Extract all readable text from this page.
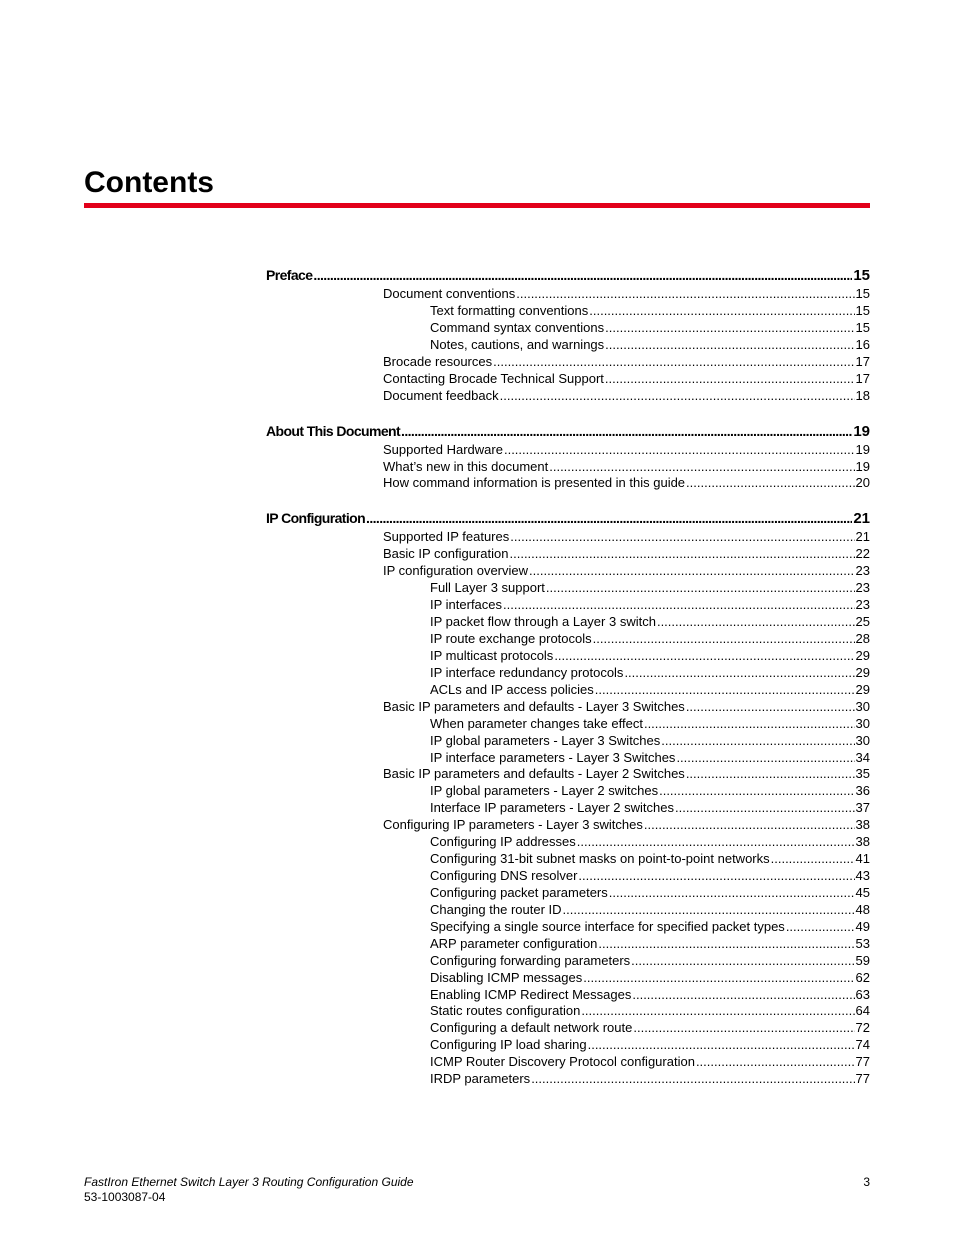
Contents
Preface .....	15
Document conventions .....	15
Text formatting conventions .....	15
Command syntax conventions .....	15
Notes, cautions, and warnings .....	16
Brocade resources .....	17
Contacting Brocade Technical Support .....	17
Document feedback .....	18
About This Document .....	19
Supported Hardware .....	19
What’s new in this document .....	19
How command information is presented in this guide .....	20
IP Configuration .....	21
Supported IP features .....	21
Basic IP configuration .....	22
IP configuration overview .....	23
Full Layer 3 support .....	23
IP interfaces .....	23
IP packet flow through a Layer 3 switch .....	25
IP route exchange protocols .....	28
IP multicast protocols .....	29
IP interface redundancy protocols .....	29
ACLs and IP access policies .....	29
Basic IP parameters and defaults - Layer 3 Switches .....	30
When parameter changes take effect .....	30
IP global parameters - Layer 3 Switches .....	30
IP interface parameters - Layer 3 Switches .....	34
Basic IP parameters and defaults - Layer 2 Switches .....	35
IP global parameters - Layer 2 switches .....	36
Interface IP parameters - Layer 2 switches .....	37
Configuring IP parameters - Layer 3 switches .....	38
Configuring IP addresses .....	38
Configuring 31-bit subnet masks on point-to-point networks .....	41
Configuring DNS resolver .....	43
Configuring packet parameters .....	45
Changing the router ID .....	48
Specifying a single source interface for specified packet types .....	49
ARP parameter configuration .....	53
Configuring forwarding parameters .....	59
Disabling ICMP messages .....	62
Enabling ICMP Redirect Messages .....	63
Static routes configuration .....	64
Configuring a default network route .....	72
Configuring IP load sharing .....	74
ICMP Router Discovery Protocol configuration .....	77
IRDP parameters .....	77
FastIron Ethernet Switch Layer 3 Routing Configuration Guide
53-1003087-04
3
